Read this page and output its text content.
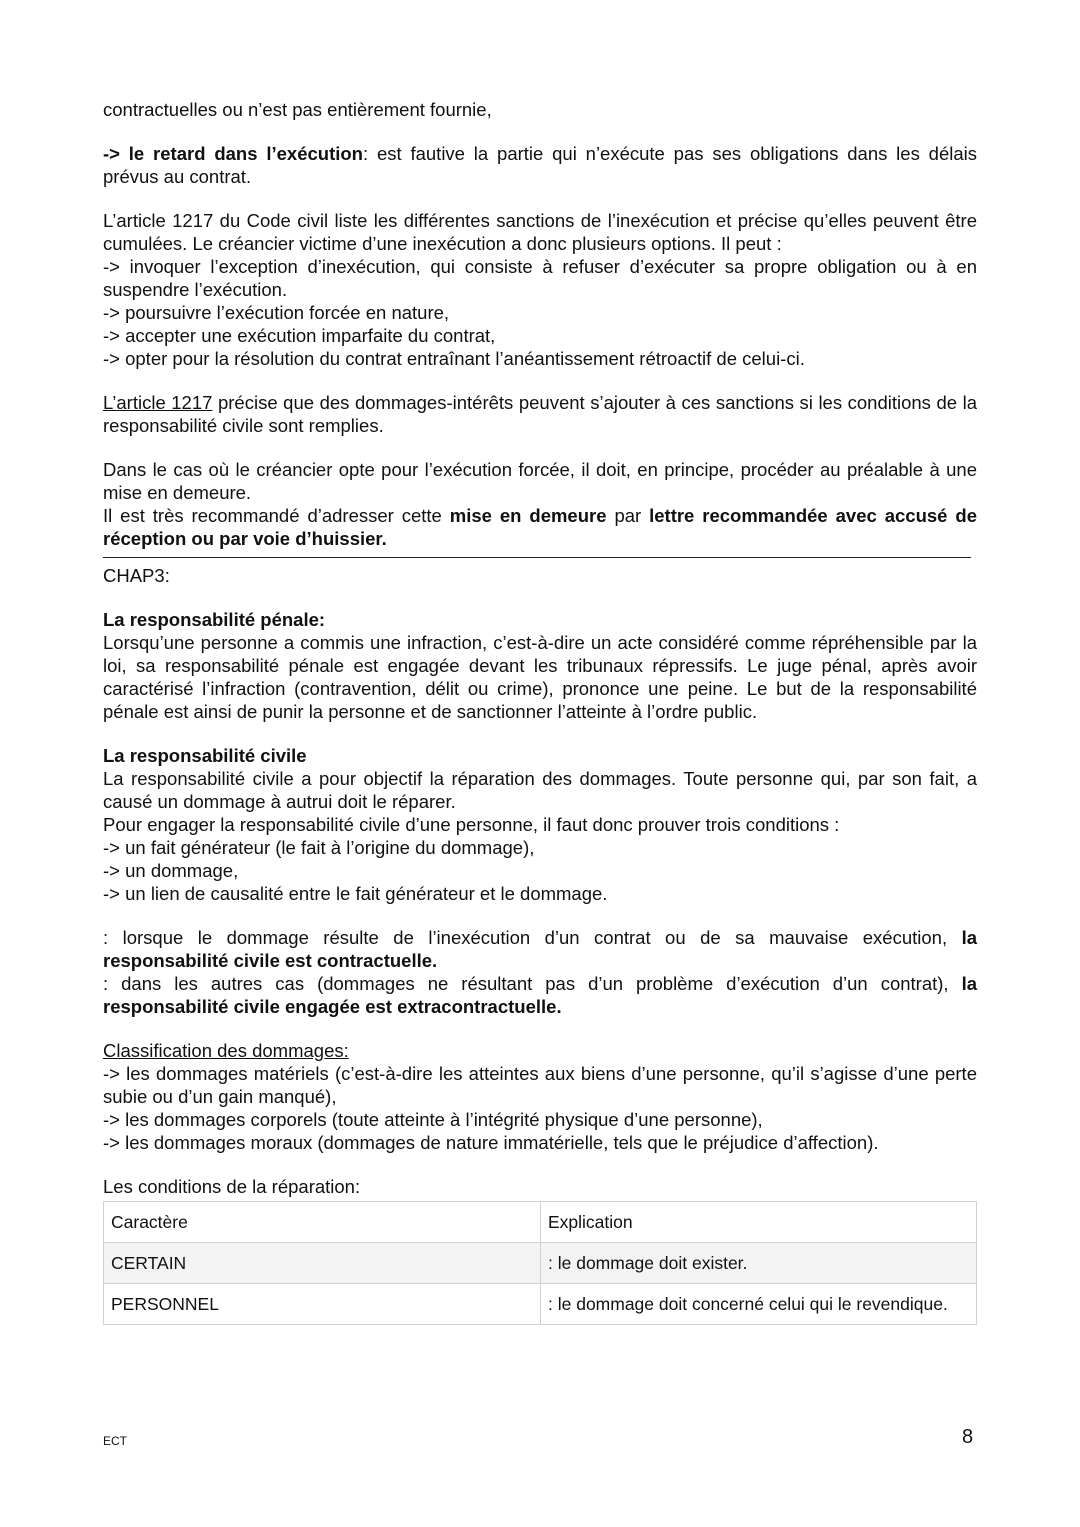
contractuelles ou n’est pas entièrement fournie,

-> le retard dans l’exécution: est fautive la partie qui n’exécute pas ses obligations dans les délais prévus au contrat.

L’article 1217 du Code civil liste les différentes sanctions de l’inexécution et précise qu’elles peuvent être cumulées. Le créancier victime d’une inexécution a donc plusieurs options. Il peut :

-> invoquer l’exception d’inexécution, qui consiste à refuser d’exécuter sa propre obligation ou à en suspendre l’exécution.

-> poursuivre l’exécution forcée en nature,

-> accepter une exécution imparfaite du contrat,

-> opter pour la résolution du contrat entraînant l’anéantissement rétroactif de celui-ci.

L’article 1217 précise que des dommages-intérêts peuvent s’ajouter à ces sanctions si les conditions de la responsabilité civile sont remplies.

Dans le cas où le créancier opte pour l’exécution forcée, il doit, en principe, procéder au préalable à une mise en demeure.

Il est très recommandé d’adresser cette mise en demeure par lettre recommandée avec accusé de réception ou par voie d’huissier.

CHAP3:

La responsabilité pénale:

Lorsqu’une personne a commis une infraction, c’est-à-dire un acte considéré comme répréhensible par la loi, sa responsabilité pénale est engagée devant les tribunaux répressifs. Le juge pénal, après avoir caractérisé l’infraction (contravention, délit ou crime), prononce une peine. Le but de la responsabilité pénale est ainsi de punir la personne et de sanctionner l’atteinte à l’ordre public.

La responsabilité civile

La responsabilité civile a pour objectif la réparation des dommages. Toute personne qui, par son fait, a causé un dommage à autrui doit le réparer.

Pour engager la responsabilité civile d’une personne, il faut donc prouver trois conditions :

-> un fait générateur (le fait à l’origine du dommage),

-> un dommage,

-> un lien de causalité entre le fait générateur et le dommage.

: lorsque le dommage résulte de l’inexécution d’un contrat ou de sa mauvaise exécution, la responsabilité civile est contractuelle.

: dans les autres cas (dommages ne résultant pas d’un problème d’exécution d’un contrat), la responsabilité civile engagée est extracontractuelle.

Classification des dommages:

-> les dommages matériels (c’est-à-dire les atteintes aux biens d’une personne, qu’il s’agisse d’une perte subie ou d’un gain manqué),

-> les dommages corporels (toute atteinte à l’intégrité physique d’une personne),

-> les dommages moraux (dommages de nature immatérielle, tels que le préjudice d’affection).

Les conditions de la réparation:

Caractère	Explication
CERTAIN	: le dommage doit exister.
PERSONNEL	: le dommage doit concerné celui qui le revendique.
ECT	8
